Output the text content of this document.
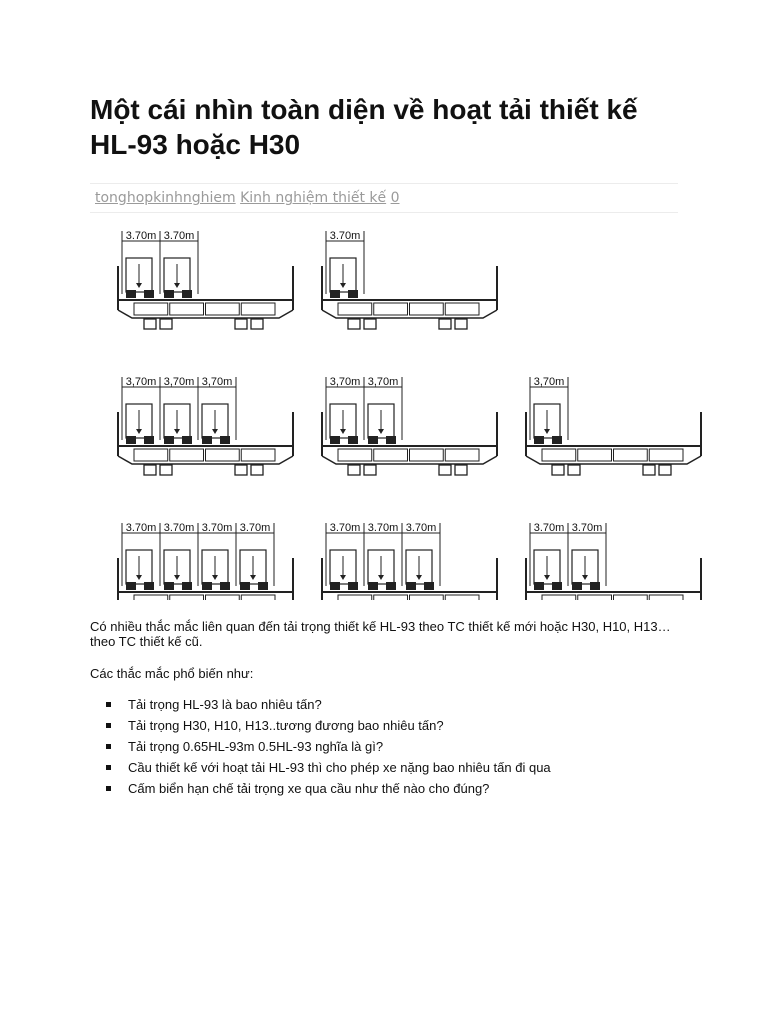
Một cái nhìn toàn diện về hoạt tải thiết kế HL-93 hoặc H30
tonghopkinhnghiem Kinh nghiệm thiết kế 0
3.70m 3.70m	3.70m
3,70m 3,70m 3,70m	3,70m 3,70m	3,70m
3.70m 3.70m 3.70m 3.70m	3.70m 3.70m 3.70m	3.70m 3.70m

Có nhiều thắc mắc liên quan đến tải trọng thiết kế HL-93 theo TC thiết kế mới hoặc H30, H10, H13…theo TC thiết kế cũ.

Các thắc mắc phổ biến như:

Tải trọng HL-93 là bao nhiêu tấn?
Tải trọng H30, H10, H13..tương đương bao nhiêu tấn?
Tải trọng 0.65HL-93m 0.5HL-93 nghĩa là gì?
Cầu thiết kế với hoạt tải HL-93 thì cho phép xe nặng bao nhiêu tấn đi qua
Cấm biển hạn chế tải trọng xe qua cầu như thế nào cho đúng?
